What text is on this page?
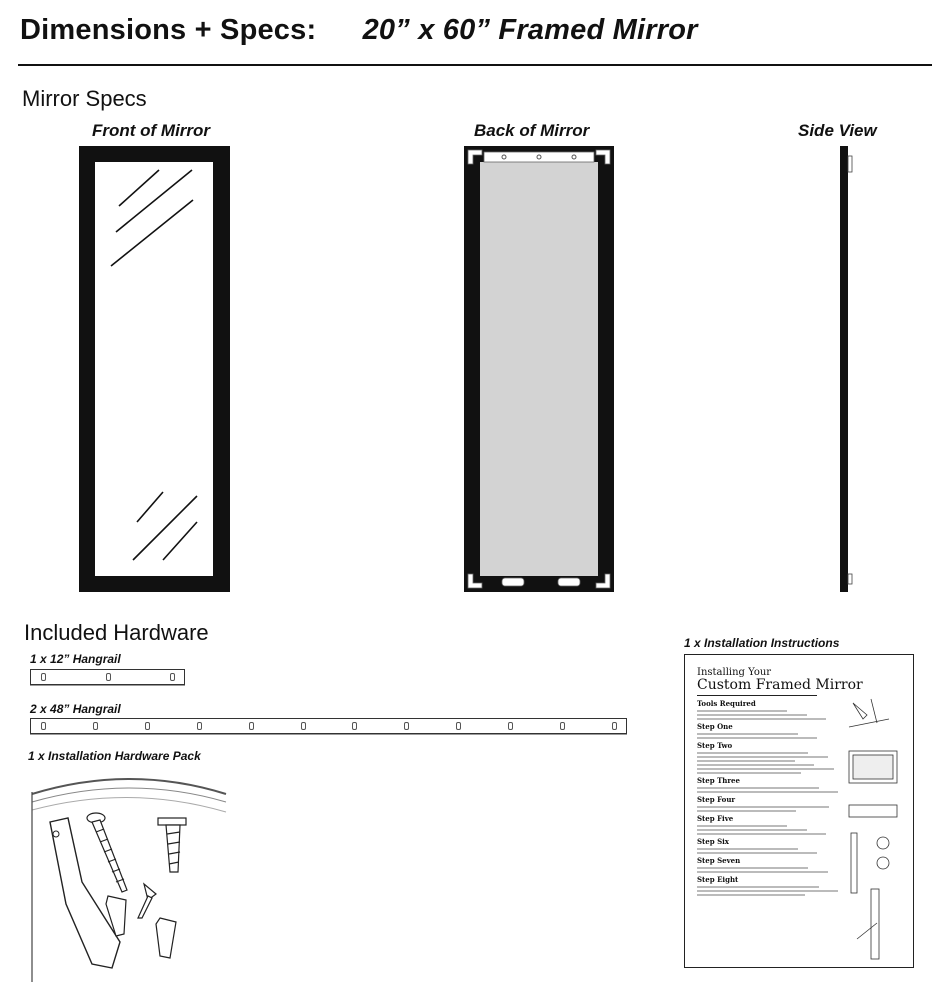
Dimensions + Specs: 20” x 60” Framed Mirror
Mirror Specs
Front of Mirror	Back of Mirror	Side View
Included Hardware
1 x 12” Hangrail
2 x 48” Hangrail
1 x Installation Hardware Pack
1 x Installation Instructions
Installing Your
Custom Framed Mirror
Tools Required
Step One
Step Two
Step Three
Step Four
Step Five
Step Six
Step Seven
Step Eight
